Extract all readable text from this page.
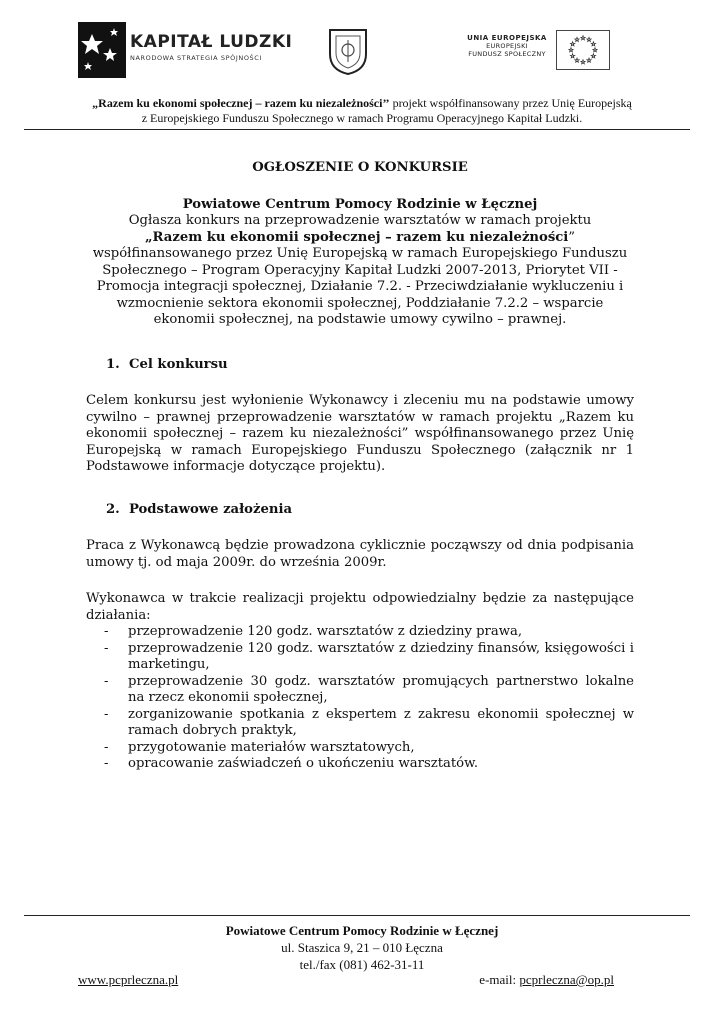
KAPITAŁ LUDZKI
NARODOWA STRATEGIA SPÓJNOŚCI
UNIA EUROPEJSKA
EUROPEJSKI
FUNDUSZ SPOŁECZNY
„Razem ku ekonomi społecznej – razem ku niezależności’’ projekt współfinansowany przez Unię Europejską
z Europejskiego Funduszu Społecznego w ramach Programu Operacyjnego Kapitał Ludzki.

OGŁOSZENIE O KONKURSIE

Powiatowe Centrum Pomocy Rodzinie w Łęcznej
Ogłasza konkurs na przeprowadzenie warsztatów w ramach projektu
„Razem ku ekonomii społecznej – razem ku niezależności”
współfinansowanego przez Unię Europejską w ramach Europejskiego Funduszu Społecznego – Program Operacyjny Kapitał Ludzki 2007-2013, Priorytet VII - Promocja integracji społecznej, Działanie 7.2. - Przeciwdziałanie wykluczeniu i wzmocnienie sektora ekonomii społecznej, Poddziałanie 7.2.2 – wsparcie ekonomii społecznej, na podstawie umowy cywilno – prawnej.
1.  Cel konkursu

Celem konkursu jest wyłonienie Wykonawcy i zleceniu mu na podstawie umowy cywilno – prawnej przeprowadzenie warsztatów w ramach projektu „Razem ku ekonomii społecznej – razem ku niezależności” współfinansowanego przez Unię Europejską w ramach Europejskiego Funduszu Społecznego (załącznik nr 1 Podstawowe informacje dotyczące projektu).

2.  Podstawowe założenia

Praca z Wykonawcą będzie prowadzona cyklicznie począwszy od dnia podpisania umowy tj. od maja 2009r. do września 2009r.

Wykonawca w trakcie realizacji projektu odpowiedzialny będzie za następujące działania:

- przeprowadzenie 120 godz. warsztatów z dziedziny prawa,
- przeprowadzenie 120 godz. warsztatów z dziedziny finansów, księgowości i marketingu,
- przeprowadzenie 30 godz. warsztatów promujących partnerstwo lokalne na rzecz ekonomii społecznej,
- zorganizowanie spotkania z ekspertem z zakresu ekonomii społecznej w ramach dobrych praktyk,
- przygotowanie materiałów warsztatowych,
- opracowanie zaświadczeń o ukończeniu warsztatów.
Powiatowe Centrum Pomocy Rodzinie w Łęcznej
ul. Staszica 9, 21 – 010 Łęczna
tel./fax (081) 462-31-11
www.pcprleczna.pl	e-mail: pcprleczna@op.pl
